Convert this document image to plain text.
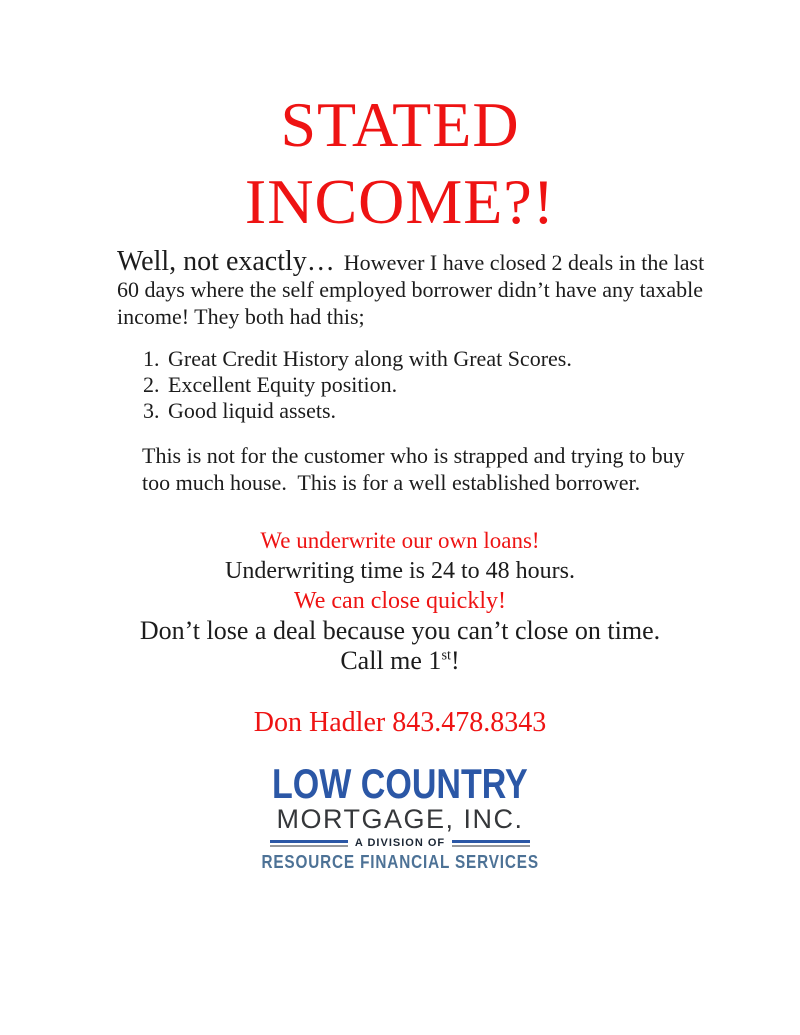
STATED
INCOME?!
Well, not exactly… However I have closed 2 deals in the last
60 days where the self employed borrower didn’t have any taxable
income! They both had this;
1. Great Credit History along with Great Scores.
2. Excellent Equity position.
3. Good liquid assets.
This is not for the customer who is strapped and trying to buy
too much house.  This is for a well established borrower.
We underwrite our own loans!
Underwriting time is 24 to 48 hours.
We can close quickly!
Don’t lose a deal because you can’t close on time.
Call me 1st!

Don Hadler 843.478.8343

LOW COUNTRY
MORTGAGE, INC.
A DIVISION OF
RESOURCE FINANCIAL SERVICES
